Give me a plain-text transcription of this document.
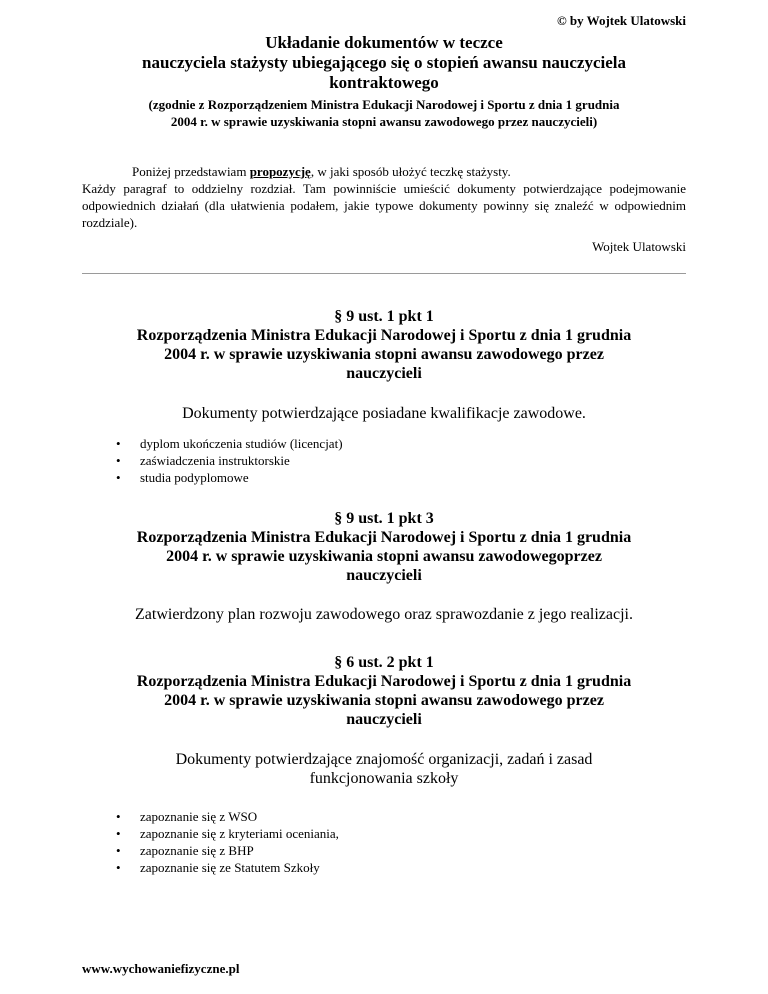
© by Wojtek Ulatowski
Układanie dokumentów w teczce
nauczyciela stażysty ubiegającego się o stopień awansu nauczyciela
kontraktowego

(zgodnie z Rozporządzeniem Ministra Edukacji Narodowej i Sportu z dnia 1 grudnia
2004 r. w sprawie uzyskiwania stopni awansu zawodowego przez nauczycieli)

Poniżej przedstawiam propozycję, w jaki sposób ułożyć teczkę stażysty.

Każdy paragraf to oddzielny rozdział. Tam powinniście umieścić dokumenty potwierdzające podejmowanie odpowiednich działań (dla ułatwienia podałem, jakie typowe dokumenty powinny się znaleźć w odpowiednim rozdziale).

Wojtek Ulatowski
§ 9 ust. 1 pkt 1
Rozporządzenia Ministra Edukacji Narodowej i Sportu z dnia 1 grudnia
2004 r. w sprawie uzyskiwania stopni awansu zawodowego przez
nauczycieli

Dokumenty potwierdzające posiadane kwalifikacje zawodowe.

• dyplom ukończenia studiów (licencjat)
• zaświadczenia instruktorskie
• studia podyplomowe
§ 9 ust. 1 pkt 3
Rozporządzenia Ministra Edukacji Narodowej i Sportu z dnia 1 grudnia
2004 r. w sprawie uzyskiwania stopni awansu zawodowegoprzez
nauczycieli

Zatwierdzony plan rozwoju zawodowego oraz sprawozdanie z jego realizacji.

§ 6 ust. 2 pkt 1
Rozporządzenia Ministra Edukacji Narodowej i Sportu z dnia 1 grudnia
2004 r. w sprawie uzyskiwania stopni awansu zawodowego przez
nauczycieli

Dokumenty potwierdzające znajomość organizacji, zadań i zasad
funkcjonowania szkoły

• zapoznanie się z WSO
• zapoznanie się z kryteriami oceniania,
• zapoznanie się z BHP
• zapoznanie się ze Statutem Szkoły
www.wychowaniefizyczne.pl
